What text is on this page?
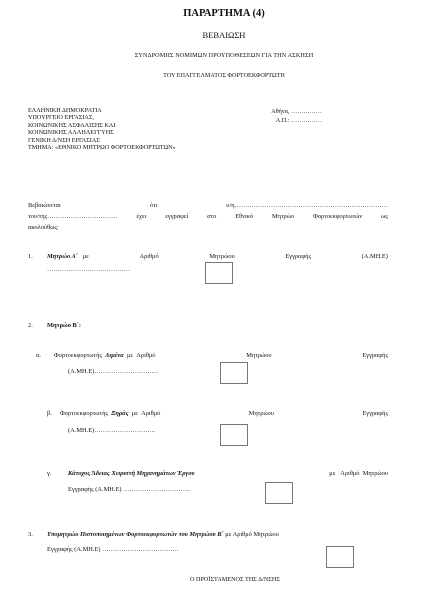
ΠΑΡΑΡΤΗΜΑ (4)
ΒΕΒΑΙΩΣΗ
ΣΥΝΔΡΟΜΗΣ ΝΟΜΙΜΩΝ ΠΡΟΥΠΟΘΕΣΕΩΝ ΓΙΑ ΤΗΝ ΑΣΚΗΣΗ
ΤΟΥ ΕΠΑΓΓΕΛΜΑΤΟΣ ΦΟΡΤΟΕΚΦΟΡΤΩΤΗ
ΕΛΛΗΝΙΚΗ ΔΗΜΟΚΡΑΤΙΑ
ΥΠΟΥΡΓΕΙΟ ΕΡΓΑΣΙΑΣ,
ΚΟΙΝΩΝΙΚΗΣ ΑΣΦΑΛΙΣΗΣ ΚΑΙ
ΚΟΙΝΩΝΙΚΗΣ ΑΛΛΗΛΕΓΓΥΗΣ
ΓΕΝΙΚΗ Δ/ΝΣΗ ΕΡΓΑΣΙΑΣ
ΤΜΗΜΑ: «ΕΘΝΙΚΟ ΜΗΤΡΩΟ ΦΟΡΤΟΕΚΦΟΡΤΩΤΩΝ»
Αθήνα, ……………
Α.Π.: ……………
Βεβαιώνεται	ότι	ο/η………………………………………………………………
του/της……………………………	έχει	εγγραφεί	στο	Εθνικό	Μητρώο	Φορτοεκφορτωτών	ως
ακολούθως:
1. Μητρώο Α΄ με	Αριθμό	Μητρώου	Εγγραφής	(Α.ΜΗ.Ε)
…………………………………
2. Μητρώο Β΄:
α. Φορτοεκφορτωτής Λιμένα με Αριθμό	Μητρώου	Εγγραφής
(Α.ΜΗ.Ε)…………………………
β. Φορτοεκφορτωτής Ξηράς με Αριθμό	Μητρώου	Εγγραφής
(Α.ΜΗ.Ε)………………………..
γ.	Κάτοχος Άδειας Χειριστή Μηχανημάτων Έργου	με Αριθμό Μητρώου
Εγγραφής (Α.ΜΗ.Ε) …………………………..
3. Υπομητρώο Πιστοποιημένων Φορτοεκφορτωτών του Μητρώου Β΄ με Αριθμό Μητρώου
Εγγραφής (Α.ΜΗ.Ε) ………………………………
Ο ΠΡΟΪΣΤΑΜΕΝΟΣ ΤΗΣ Δ/ΝΣΗΣ
